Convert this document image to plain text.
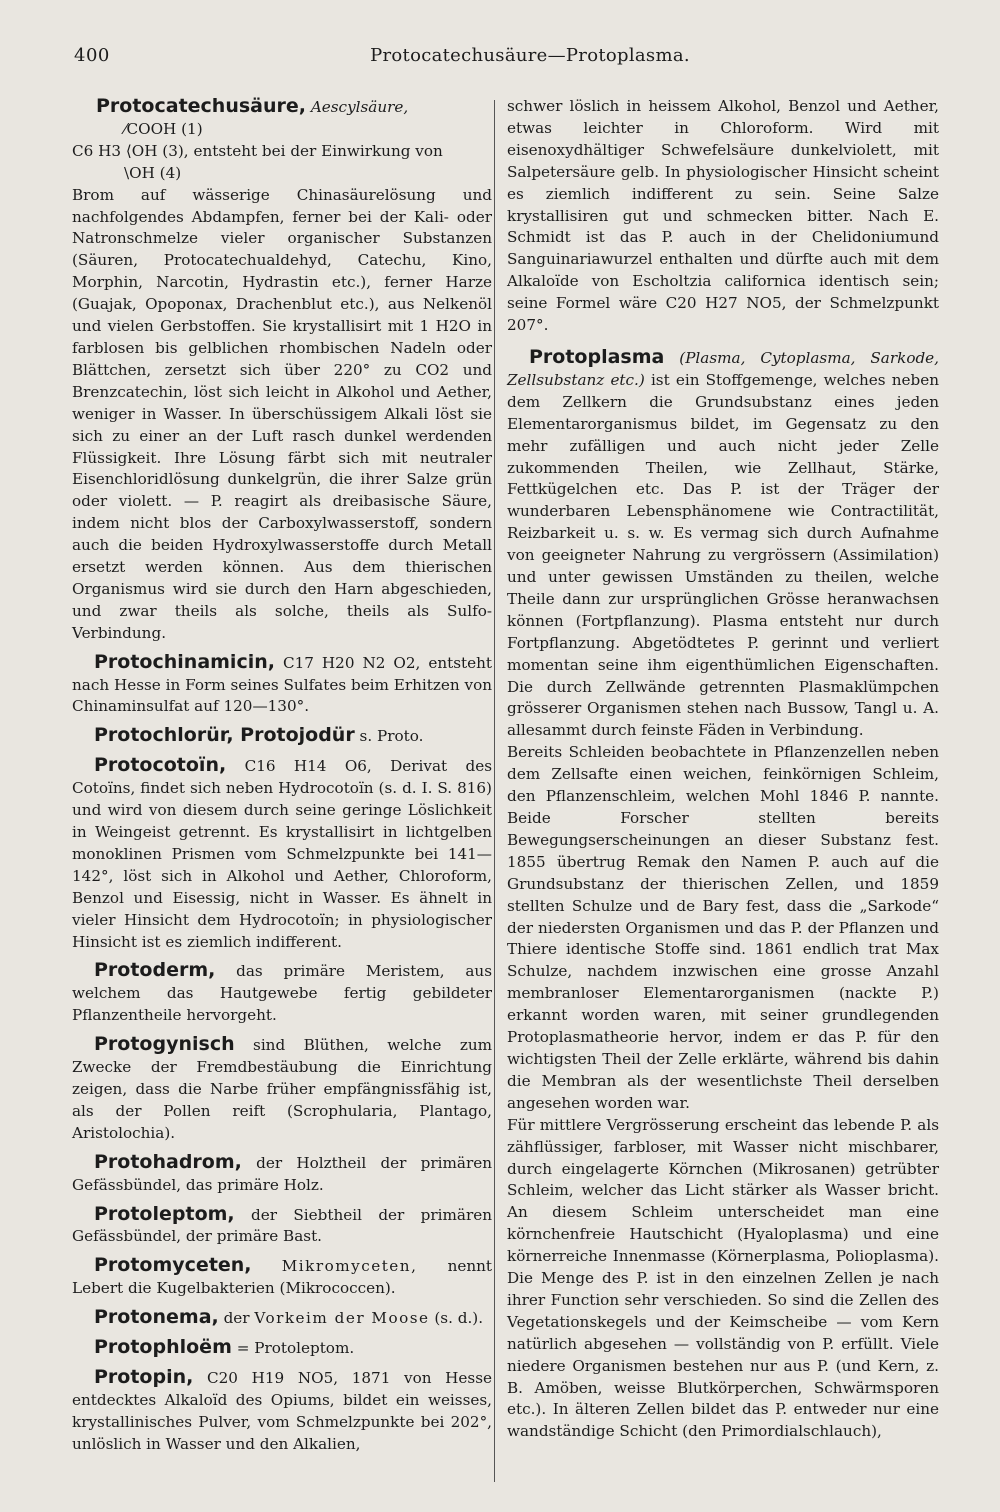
400	Protocatechusäure—Protoplasma.

Protocatechusäure, Aescylsäure,

⁄COOH (1)

C6 H3 ⟨OH (3), entsteht bei der Einwirkung von

\OH (4)

Brom auf wässerige Chinasäurelösung und nachfolgendes Abdampfen, ferner bei der Kali- oder Natronschmelze vieler organischer Substanzen (Säuren, Protocatechualdehyd, Catechu, Kino, Morphin, Narcotin, Hydrastin etc.), ferner Harze (Guajak, Opoponax, Drachenblut etc.), aus Nelkenöl und vielen Gerbstoffen. Sie krystallisirt mit 1 H2O in farblosen bis gelblichen rhombischen Nadeln oder Blättchen, zersetzt sich über 220° zu CO2 und Brenzcatechin, löst sich leicht in Alkohol und Aether, weniger in Wasser. In überschüssigem Alkali löst sie sich zu einer an der Luft rasch dunkel werdenden Flüssigkeit. Ihre Lösung färbt sich mit neutraler Eisenchloridlösung dunkelgrün, die ihrer Salze grün oder violett. — P. reagirt als dreibasische Säure, indem nicht blos der Carboxylwasserstoff, sondern auch die beiden Hydroxylwasserstoffe durch Metall ersetzt werden können. Aus dem thierischen Organismus wird sie durch den Harn abgeschieden, und zwar theils als solche, theils als Sulfo-Verbindung.

Protochinamicin, C17 H20 N2 O2, entsteht nach Hesse in Form seines Sulfates beim Erhitzen von Chinaminsulfat auf 120—130°.

Protochlorür, Protojodür s. Proto.

Protocotoïn, C16 H14 O6, Derivat des Cotoïns, findet sich neben Hydrocotoïn (s. d. I. S. 816) und wird von diesem durch seine geringe Löslichkeit in Weingeist getrennt. Es krystallisirt in lichtgelben monoklinen Prismen vom Schmelzpunkte bei 141—142°, löst sich in Alkohol und Aether, Chloroform, Benzol und Eisessig, nicht in Wasser. Es ähnelt in vieler Hinsicht dem Hydrocotoïn; in physiologischer Hinsicht ist es ziemlich indifferent.

Protoderm, das primäre Meristem, aus welchem das Hautgewebe fertig gebildeter Pflanzentheile hervorgeht.

Protogynisch sind Blüthen, welche zum Zwecke der Fremdbestäubung die Einrichtung zeigen, dass die Narbe früher empfängnissfähig ist, als der Pollen reift (Scrophularia, Plantago, Aristolochia).

Protohadrom, der Holztheil der primären Gefässbündel, das primäre Holz.

Protoleptom, der Siebtheil der primären Gefässbündel, der primäre Bast.

Protomyceten, Mikromyceten, nennt Lebert die Kugelbakterien (Mikrococcen).

Protonema, der Vorkeim der Moose (s. d.).

Protophloëm = Protoleptom.

Protopin, C20 H19 NO5, 1871 von Hesse entdecktes Alkaloïd des Opiums, bildet ein weisses, krystallinisches Pulver, vom Schmelzpunkte bei 202°, unlöslich in Wasser und den Alkalien,

schwer löslich in heissem Alkohol, Benzol und Aether, etwas leichter in Chloroform. Wird mit eisenoxydhältiger Schwefelsäure dunkelviolett, mit Salpetersäure gelb. In physiologischer Hinsicht scheint es ziemlich indifferent zu sein. Seine Salze krystallisiren gut und schmecken bitter. Nach E. Schmidt ist das P. auch in der Chelidoniumund Sanguinariawurzel enthalten und dürfte auch mit dem Alkaloïde von Escholtzia californica identisch sein; seine Formel wäre C20 H27 NO5, der Schmelzpunkt 207°.

Protoplasma (Plasma, Cytoplasma, Sarkode, Zellsubstanz etc.) ist ein Stoffgemenge, welches neben dem Zellkern die Grundsubstanz eines jeden Elementarorganismus bildet, im Gegensatz zu den mehr zufälligen und auch nicht jeder Zelle zukommenden Theilen, wie Zellhaut, Stärke, Fettkügelchen etc. Das P. ist der Träger der wunderbaren Lebensphänomene wie Contractilität, Reizbarkeit u. s. w. Es vermag sich durch Aufnahme von geeigneter Nahrung zu vergrössern (Assimilation) und unter gewissen Umständen zu theilen, welche Theile dann zur ursprünglichen Grösse heranwachsen können (Fortpflanzung). Plasma entsteht nur durch Fortpflanzung. Abgetödtetes P. gerinnt und verliert momentan seine ihm eigenthümlichen Eigenschaften. Die durch Zellwände getrennten Plasmaklümpchen grösserer Organismen stehen nach Bussow, Tangl u. A. allesammt durch feinste Fäden in Verbindung.

Bereits Schleiden beobachtete in Pflanzenzellen neben dem Zellsafte einen weichen, feinkörnigen Schleim, den Pflanzenschleim, welchen Mohl 1846 P. nannte. Beide Forscher stellten bereits Bewegungserscheinungen an dieser Substanz fest. 1855 übertrug Remak den Namen P. auch auf die Grundsubstanz der thierischen Zellen, und 1859 stellten Schulze und de Bary fest, dass die „Sarkode“ der niedersten Organismen und das P. der Pflanzen und Thiere identische Stoffe sind. 1861 endlich trat Max Schulze, nachdem inzwischen eine grosse Anzahl membranloser Elementarorganismen (nackte P.) erkannt worden waren, mit seiner grundlegenden Protoplasmatheorie hervor, indem er das P. für den wichtigsten Theil der Zelle erklärte, während bis dahin die Membran als der wesentlichste Theil derselben angesehen worden war.

Für mittlere Vergrösserung erscheint das lebende P. als zähflüssiger, farbloser, mit Wasser nicht mischbarer, durch eingelagerte Körnchen (Mikrosanen) getrübter Schleim, welcher das Licht stärker als Wasser bricht. An diesem Schleim unterscheidet man eine körnchenfreie Hautschicht (Hyaloplasma) und eine körnerreiche Innenmasse (Körnerplasma, Polioplasma). Die Menge des P. ist in den einzelnen Zellen je nach ihrer Function sehr verschieden. So sind die Zellen des Vegetationskegels und der Keimscheibe — vom Kern natürlich abgesehen — vollständig von P. erfüllt. Viele niedere Organismen bestehen nur aus P. (und Kern, z. B. Amöben, weisse Blutkörperchen, Schwärmsporen etc.). In älteren Zellen bildet das P. entweder nur eine wandständige Schicht (den Primordialschlauch),
